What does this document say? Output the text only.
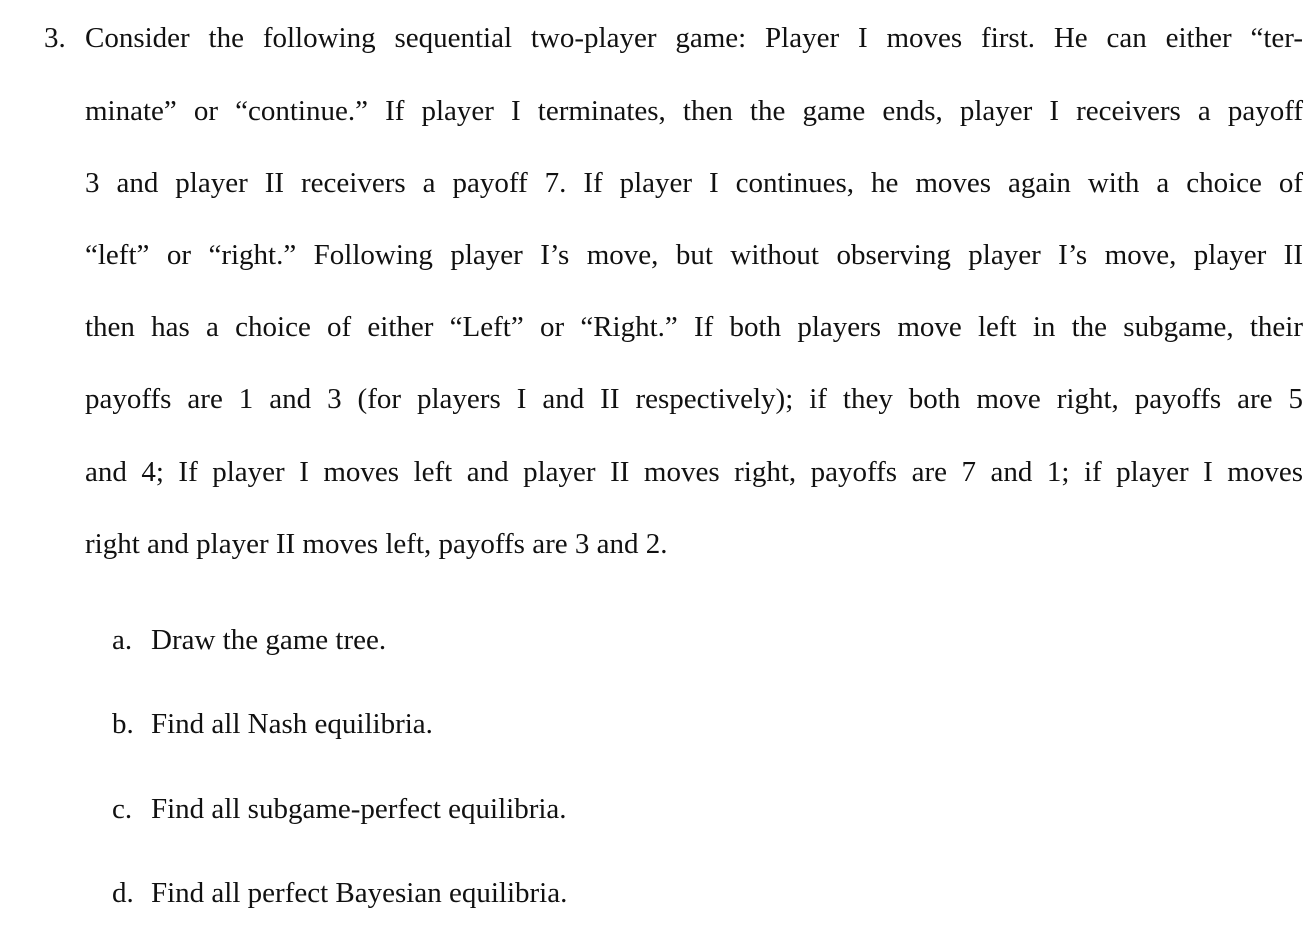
3. Consider the following sequential two-player game: Player I moves first. He can either “ter-
minate” or “continue.” If player I terminates, then the game ends, player I receivers a payoff
3 and player II receivers a payoff 7. If player I continues, he moves again with a choice of
“left” or “right.” Following player I’s move, but without observing player I’s move, player II
then has a choice of either “Left” or “Right.” If both players move left in the subgame, their
payoffs are 1 and 3 (for players I and II respectively); if they both move right, payoffs are 5
and 4; If player I moves left and player II moves right, payoffs are 7 and 1; if player I moves
right and player II moves left, payoffs are 3 and 2.
a. Draw the game tree.
b. Find all Nash equilibria.
c. Find all subgame-perfect equilibria.
d. Find all perfect Bayesian equilibria.
